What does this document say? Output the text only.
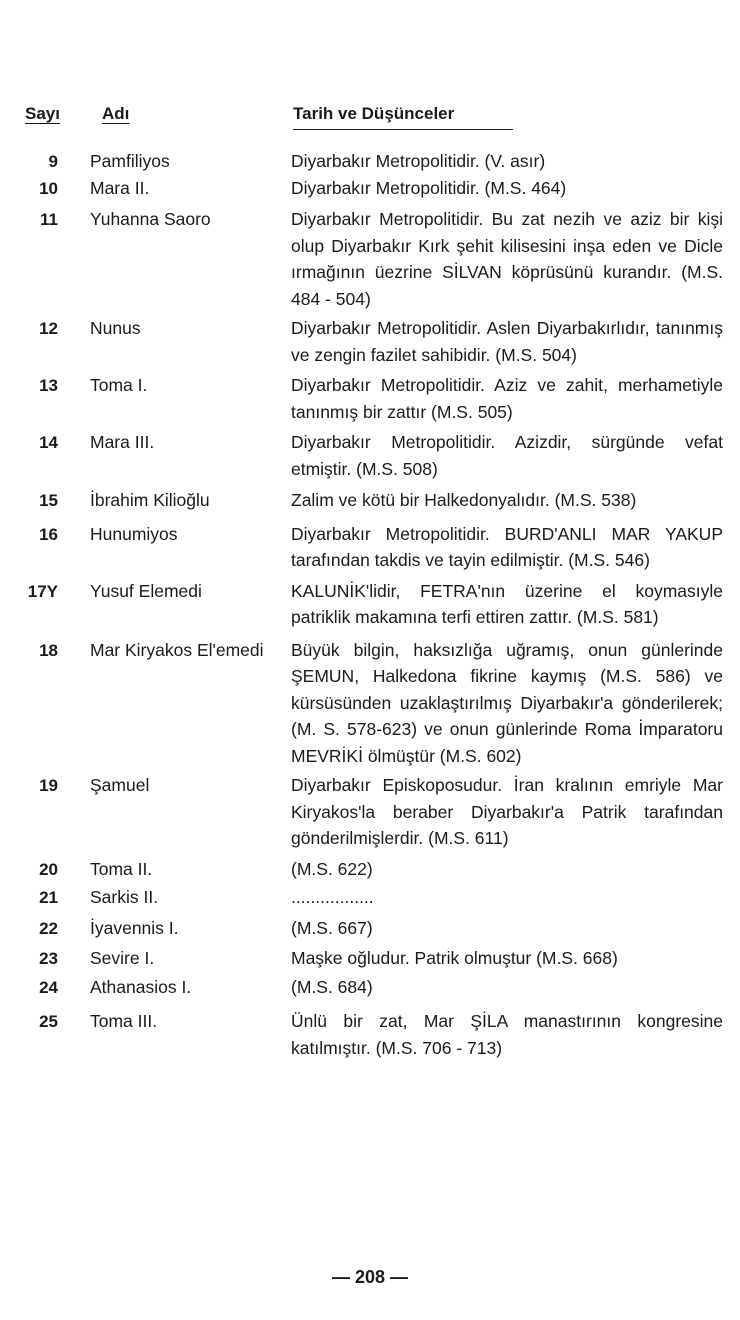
Sayı Adı	Tarih ve Düşünceler
9 Pamfiliyos	Diyarbakır Metropolitidir. (V. asır)
10 Mara II.	Diyarbakır Metropolitidir. (M.S. 464)
11 Yuhanna Saoro	Diyarbakır Metropolitidir. Bu zat nezih ve aziz bir kişi olup Diyarbakır Kırk şehit kilisesini inşa eden ve Dicle ırmağının üezrine SİLVAN köprüsünü kurandır. (M.S. 484 - 504)
12 Nunus	Diyarbakır Metropolitidir. Aslen Diyarbakırlıdır, tanınmış ve zengin fazilet sahibidir. (M.S. 504)
13 Toma I.	Diyarbakır Metropolitidir. Aziz ve zahit, merhametiyle tanınmış bir zattır (M.S. 505)
14 Mara III.	Diyarbakır Metropolitidir. Azizdir, sürgünde vefat etmiştir. (M.S. 508)
15 İbrahim Kilioğlu	Zalim ve kötü bir Halkedonyalıdır. (M.S. 538)
16 Hunumiyos	Diyarbakır Metropolitidir. BURD'ANLI MAR YAKUP tarafından takdis ve tayin edilmiştir. (M.S. 546)
17Y Yusuf Elemedi	KALUNİK'lidir, FETRA'nın üzerine el koymasıyle patriklik makamına terfi ettiren zattır. (M.S. 581)
18 Mar Kiryakos El'emedi	Büyük bilgin, haksızlığa uğramış, onun günlerinde ŞEMUN, Halkedona fikrine kaymış (M.S. 586) ve kürsüsünden uzaklaştırılmış Diyarbakır'a gönderilerek; (M. S. 578-623) ve onun günlerinde Roma İmparatoru MEVRİKİ ölmüştür (M.S. 602)
19 Şamuel	Diyarbakır Episkoposudur. İran kralının emriyle Mar Kiryakos'la beraber Diyarbakır'a Patrik tarafından gönderilmişlerdir. (M.S. 611)
20 Toma II.	(M.S. 622)
21 Sarkis II.	.................
22 İyavennis I.	(M.S. 667)
23 Sevire I.	Maşke oğludur. Patrik olmuştur (M.S. 668)
24 Athanasios I.	(M.S. 684)
25 Toma III.	Ünlü bir zat, Mar ŞİLA manastırının kongresine katılmıştır. (M.S. 706 - 713)
— 208 —
